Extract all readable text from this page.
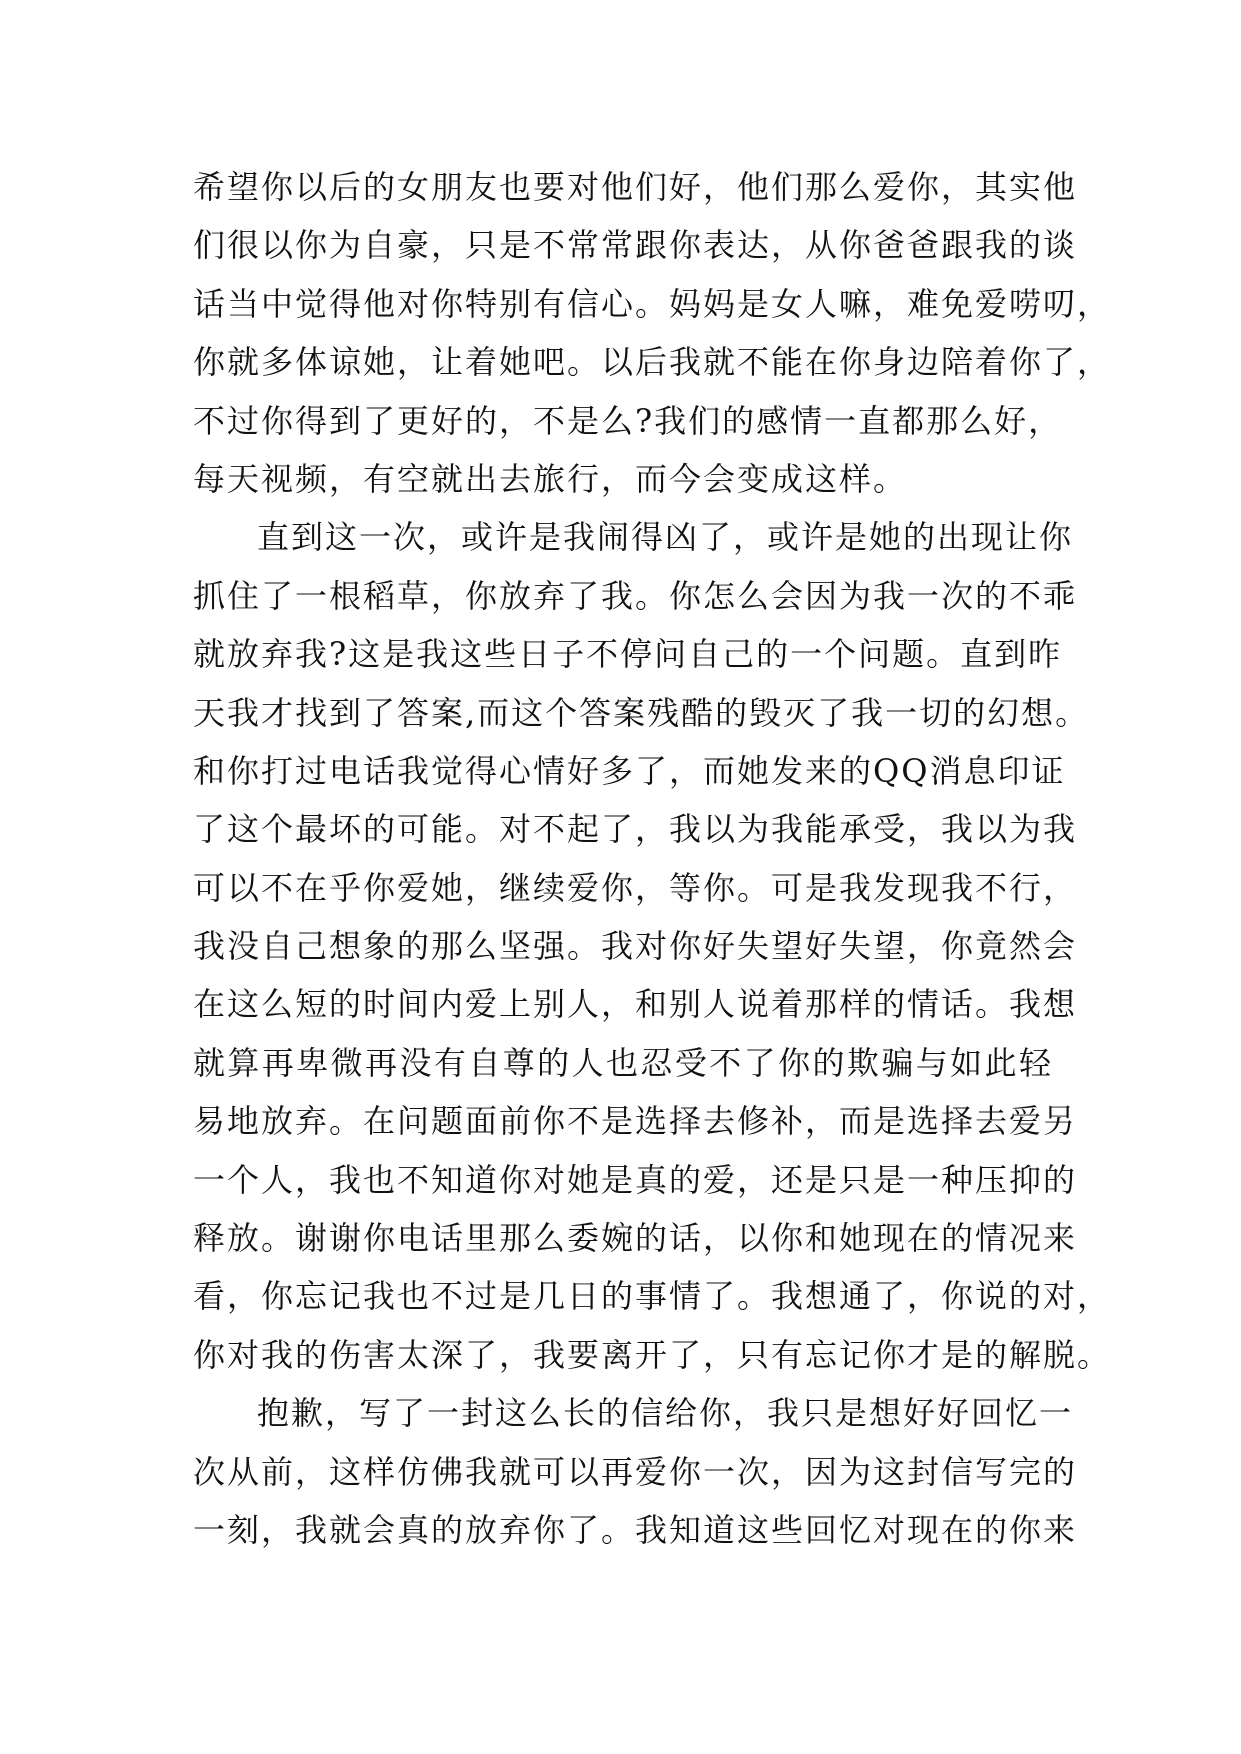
希望你以后的女朋友也要对他们好，他们那么爱你，其实他
们很以你为自豪，只是不常常跟你表达，从你爸爸跟我的谈
话当中觉得他对你特别有信心。妈妈是女人嘛，难免爱唠叨，
你就多体谅她，让着她吧。以后我就不能在你身边陪着你了，
不过你得到了更好的，不是么?我们的感情一直都那么好，
每天视频，有空就出去旅行，而今会变成这样。

直到这一次，或许是我闹得凶了，或许是她的出现让你
抓住了一根稻草，你放弃了我。你怎么会因为我一次的不乖
就放弃我?这是我这些日子不停问自己的一个问题。直到昨
天我才找到了答案,而这个答案残酷的毁灭了我一切的幻想。
和你打过电话我觉得心情好多了，而她发来的QQ消息印证
了这个最坏的可能。对不起了，我以为我能承受，我以为我
可以不在乎你爱她，继续爱你，等你。可是我发现我不行，
我没自己想象的那么坚强。我对你好失望好失望，你竟然会
在这么短的时间内爱上别人，和别人说着那样的情话。我想
就算再卑微再没有自尊的人也忍受不了你的欺骗与如此轻
易地放弃。在问题面前你不是选择去修补，而是选择去爱另
一个人，我也不知道你对她是真的爱，还是只是一种压抑的
释放。谢谢你电话里那么委婉的话，以你和她现在的情况来
看，你忘记我也不过是几日的事情了。我想通了，你说的对，
你对我的伤害太深了，我要离开了，只有忘记你才是的解脱。

抱歉，写了一封这么长的信给你，我只是想好好回忆一
次从前，这样仿佛我就可以再爱你一次，因为这封信写完的
一刻，我就会真的放弃你了。我知道这些回忆对现在的你来
